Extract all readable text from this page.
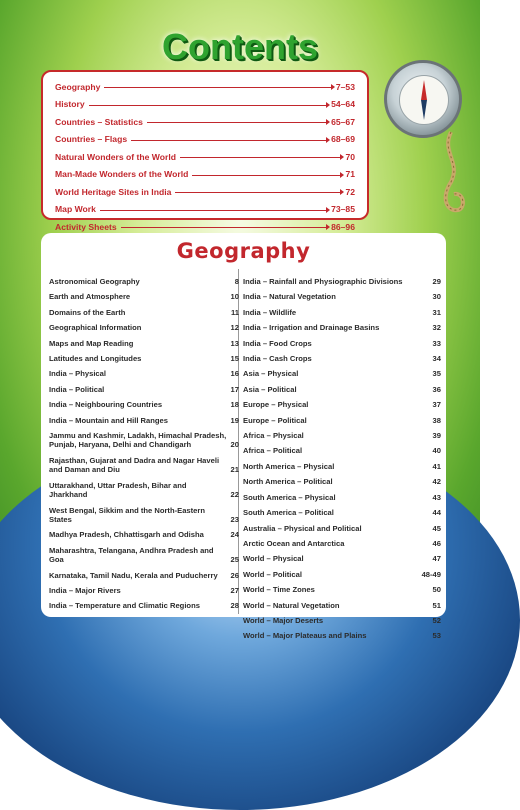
Contents
Geography	7–53
History	54–64
Countries – Statistics	65–67
Countries – Flags	68–69
Natural Wonders of the World	70
Man-Made Wonders of the World	71
World Heritage Sites in India	72
Map Work	73–85
Activity Sheets	86–96
Geography
Astronomical Geography	8
Earth and Atmosphere	10
Domains of the Earth	11
Geographical Information	12
Maps and Map Reading	13
Latitudes and Longitudes	15
India – Physical	16
India – Political	17
India – Neighbouring Countries	18
India – Mountain and Hill Ranges	19
Jammu and Kashmir, Ladakh, Himachal Pradesh, Punjab, Haryana, Delhi and Chandigarh	20
Rajasthan, Gujarat and Dadra and Nagar Haveli and Daman and Diu	21
Uttarakhand, Uttar Pradesh, Bihar and Jharkhand	22
West Bengal, Sikkim and the North-Eastern States	23
Madhya Pradesh, Chhattisgarh and Odisha	24
Maharashtra, Telangana, Andhra Pradesh and Goa	25
Karnataka, Tamil Nadu, Kerala and Puducherry	26
India – Major Rivers	27
India – Temperature and Climatic Regions	28
India – Rainfall and Physiographic Divisions	29
India – Natural Vegetation	30
India – Wildlife	31
India – Irrigation and Drainage Basins	32
India – Food Crops	33
India – Cash Crops	34
Asia – Physical	35
Asia – Political	36
Europe – Physical	37
Europe – Political	38
Africa – Physical	39
Africa – Political	40
North America – Physical	41
North America – Political	42
South America – Physical	43
South America – Political	44
Australia – Physical and Political	45
Arctic Ocean and Antarctica	46
World – Physical	47
World – Political	48-49
World – Time Zones	50
World – Natural Vegetation	51
World – Major Deserts	52
World – Major Plateaus and Plains	53
